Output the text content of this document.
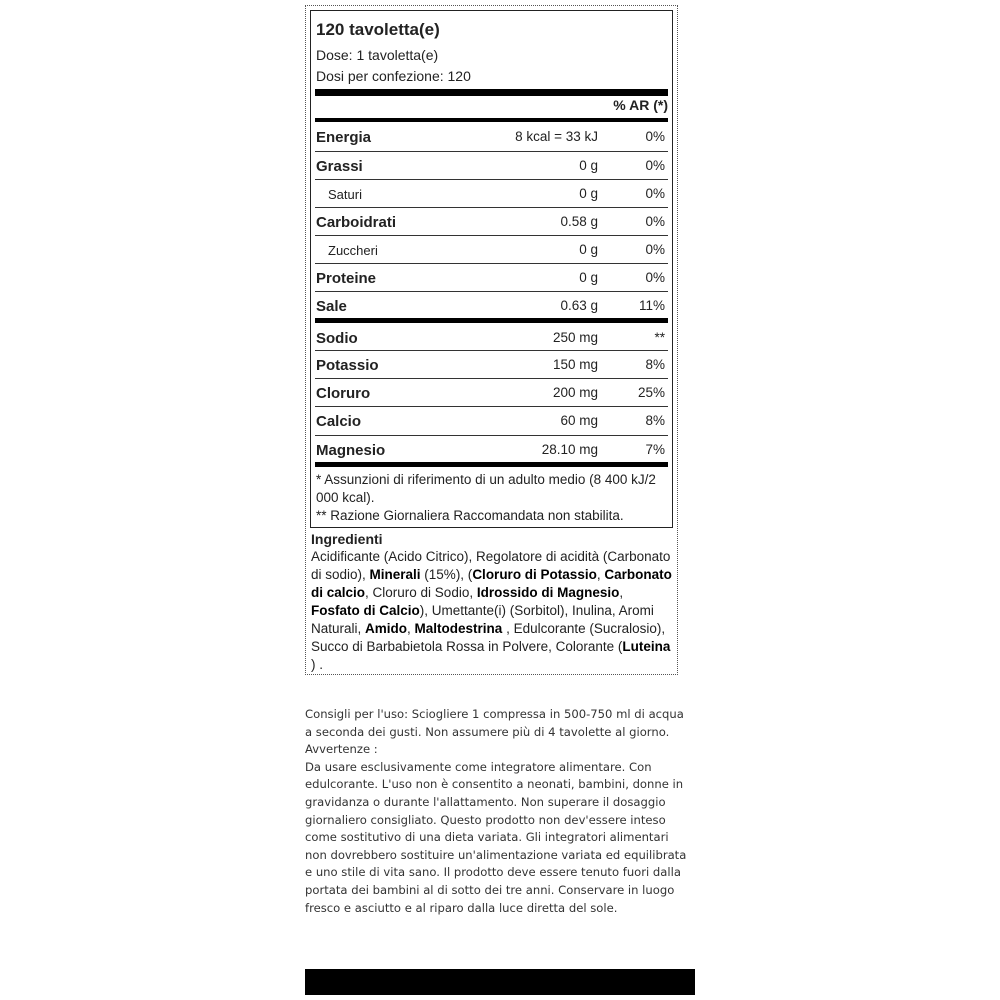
120 tavoletta(e)
Dose: 1 tavoletta(e)
Dosi per confezione: 120
% AR (*)
Energia	8 kcal = 33 kJ	0%
Grassi	0 g	0%
Saturi	0 g	0%
Carboidrati	0.58 g	0%
Zuccheri	0 g	0%
Proteine	0 g	0%
Sale	0.63 g	11%
Sodio	250 mg	**
Potassio	150 mg	8%
Cloruro	200 mg	25%
Calcio	60 mg	8%
Magnesio	28.10 mg	7%
* Assunzioni di riferimento di un adulto medio (8 400 kJ/2 000 kcal).
** Razione Giornaliera Raccomandata non stabilita.
Ingredienti
Acidificante (Acido Citrico), Regolatore di acidità (Carbonato di sodio), Minerali (15%), (Cloruro di Potassio, Carbonato di calcio, Cloruro di Sodio, Idrossido di Magnesio, Fosfato di Calcio), Umettante(i) (Sorbitol), Inulina, Aromi Naturali, Amido, Maltodestrina , Edulcorante (Sucralosio), Succo di Barbabietola Rossa in Polvere, Colorante (Luteina ) .
Consigli per l'uso: Sciogliere 1 compressa in 500-750 ml di acqua a seconda dei gusti. Non assumere più di 4 tavolette al giorno.
Avvertenze :
Da usare esclusivamente come integratore alimentare. Con edulcorante. L'uso non è consentito a neonati, bambini, donne in gravidanza o durante l'allattamento. Non superare il dosaggio giornaliero consigliato. Questo prodotto non dev'essere inteso come sostitutivo di una dieta variata. Gli integratori alimentari non dovrebbero sostituire un'alimentazione variata ed equilibrata e uno stile di vita sano. Il prodotto deve essere tenuto fuori dalla portata dei bambini al di sotto dei tre anni. Conservare in luogo fresco e asciutto e al riparo dalla luce diretta del sole.
